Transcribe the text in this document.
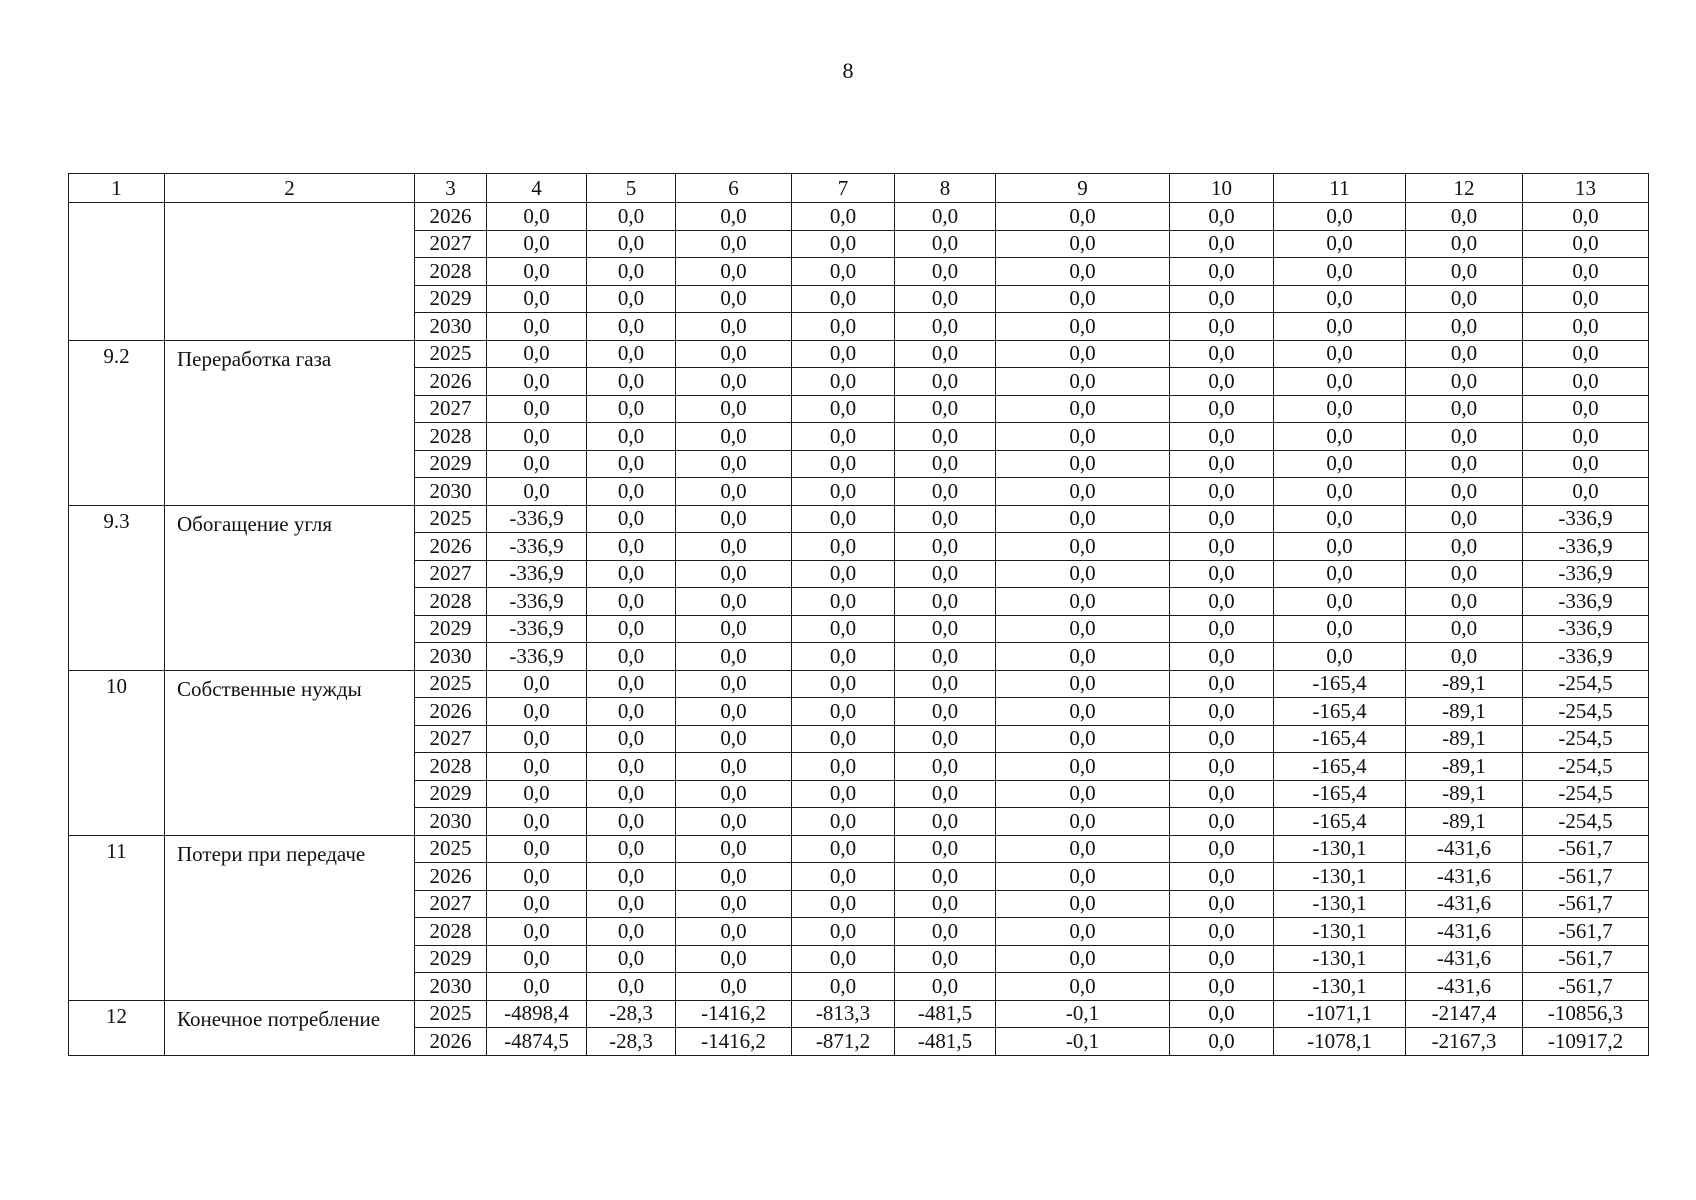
8
1	2	3	4	5	6	7	8	9	10	11	12	13
		2026	0,0	0,0	0,0	0,0	0,0	0,0	0,0	0,0	0,0	0,0
		2027	0,0	0,0	0,0	0,0	0,0	0,0	0,0	0,0	0,0	0,0
		2028	0,0	0,0	0,0	0,0	0,0	0,0	0,0	0,0	0,0	0,0
		2029	0,0	0,0	0,0	0,0	0,0	0,0	0,0	0,0	0,0	0,0
		2030	0,0	0,0	0,0	0,0	0,0	0,0	0,0	0,0	0,0	0,0
9.2	Переработка газа	2025	0,0	0,0	0,0	0,0	0,0	0,0	0,0	0,0	0,0	0,0
		2026	0,0	0,0	0,0	0,0	0,0	0,0	0,0	0,0	0,0	0,0
		2027	0,0	0,0	0,0	0,0	0,0	0,0	0,0	0,0	0,0	0,0
		2028	0,0	0,0	0,0	0,0	0,0	0,0	0,0	0,0	0,0	0,0
		2029	0,0	0,0	0,0	0,0	0,0	0,0	0,0	0,0	0,0	0,0
		2030	0,0	0,0	0,0	0,0	0,0	0,0	0,0	0,0	0,0	0,0
9.3	Обогащение угля	2025	-336,9	0,0	0,0	0,0	0,0	0,0	0,0	0,0	0,0	-336,9
		2026	-336,9	0,0	0,0	0,0	0,0	0,0	0,0	0,0	0,0	-336,9
		2027	-336,9	0,0	0,0	0,0	0,0	0,0	0,0	0,0	0,0	-336,9
		2028	-336,9	0,0	0,0	0,0	0,0	0,0	0,0	0,0	0,0	-336,9
		2029	-336,9	0,0	0,0	0,0	0,0	0,0	0,0	0,0	0,0	-336,9
		2030	-336,9	0,0	0,0	0,0	0,0	0,0	0,0	0,0	0,0	-336,9
10	Собственные нужды	2025	0,0	0,0	0,0	0,0	0,0	0,0	0,0	-165,4	-89,1	-254,5
		2026	0,0	0,0	0,0	0,0	0,0	0,0	0,0	-165,4	-89,1	-254,5
		2027	0,0	0,0	0,0	0,0	0,0	0,0	0,0	-165,4	-89,1	-254,5
		2028	0,0	0,0	0,0	0,0	0,0	0,0	0,0	-165,4	-89,1	-254,5
		2029	0,0	0,0	0,0	0,0	0,0	0,0	0,0	-165,4	-89,1	-254,5
		2030	0,0	0,0	0,0	0,0	0,0	0,0	0,0	-165,4	-89,1	-254,5
11	Потери при передаче	2025	0,0	0,0	0,0	0,0	0,0	0,0	0,0	-130,1	-431,6	-561,7
		2026	0,0	0,0	0,0	0,0	0,0	0,0	0,0	-130,1	-431,6	-561,7
		2027	0,0	0,0	0,0	0,0	0,0	0,0	0,0	-130,1	-431,6	-561,7
		2028	0,0	0,0	0,0	0,0	0,0	0,0	0,0	-130,1	-431,6	-561,7
		2029	0,0	0,0	0,0	0,0	0,0	0,0	0,0	-130,1	-431,6	-561,7
		2030	0,0	0,0	0,0	0,0	0,0	0,0	0,0	-130,1	-431,6	-561,7
12	Конечное потребление	2025	-4898,4	-28,3	-1416,2	-813,3	-481,5	-0,1	0,0	-1071,1	-2147,4	-10856,3
		2026	-4874,5	-28,3	-1416,2	-871,2	-481,5	-0,1	0,0	-1078,1	-2167,3	-10917,2
